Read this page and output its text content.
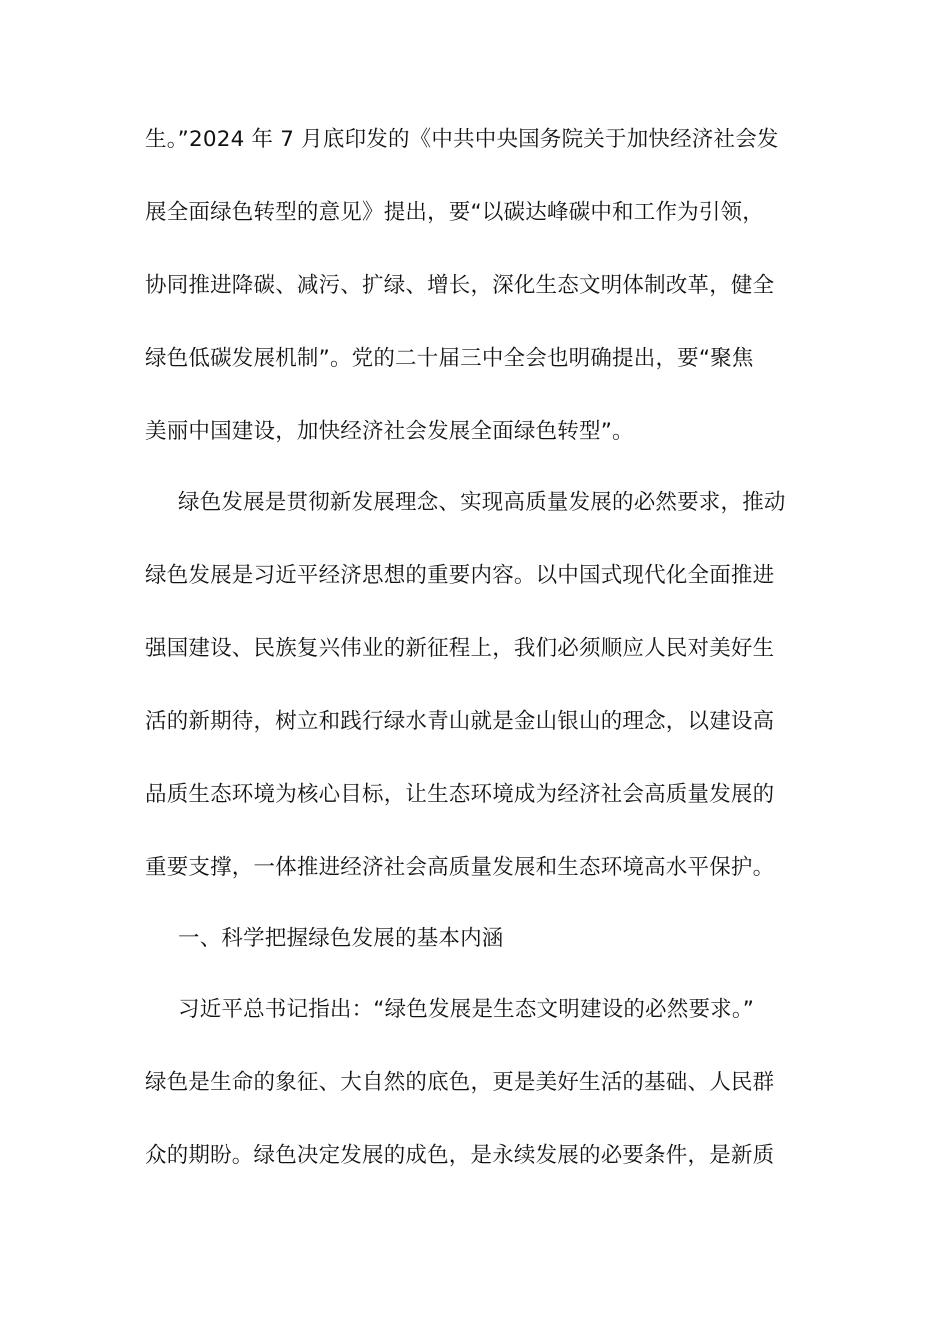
生。”2024 年 7 月底印发的《中共中央国务院关于加快经济社会发
展全面绿色转型的意见》提出，要“以碳达峰碳中和工作为引领，
协同推进降碳、减污、扩绿、增长，深化生态文明体制改革，健全
绿色低碳发展机制”。党的二十届三中全会也明确提出，要“聚焦
美丽中国建设，加快经济社会发展全面绿色转型”。
绿色发展是贯彻新发展理念、实现高质量发展的必然要求，推动
绿色发展是习近平经济思想的重要内容。以中国式现代化全面推进
强国建设、民族复兴伟业的新征程上，我们必须顺应人民对美好生
活的新期待，树立和践行绿水青山就是金山银山的理念，以建设高
品质生态环境为核心目标，让生态环境成为经济社会高质量发展的
重要支撑，一体推进经济社会高质量发展和生态环境高水平保护。
一、科学把握绿色发展的基本内涵
习近平总书记指出：“绿色发展是生态文明建设的必然要求。”
绿色是生命的象征、大自然的底色，更是美好生活的基础、人民群
众的期盼。绿色决定发展的成色，是永续发展的必要条件，是新质
